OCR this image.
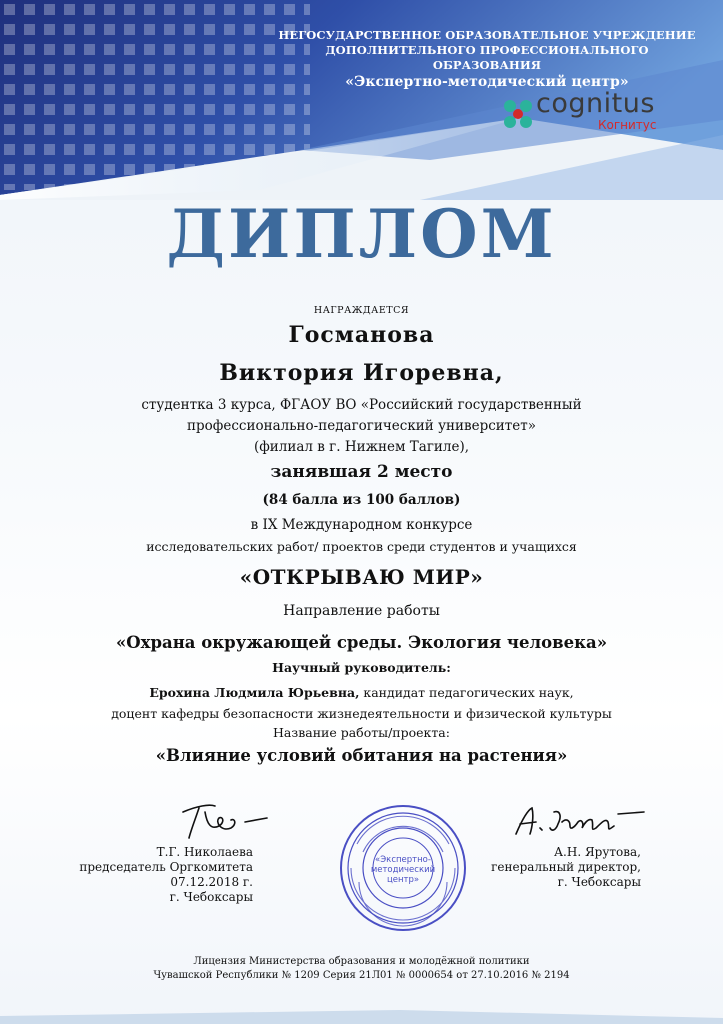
НЕГОСУДАРСТВЕННОЕ ОБРАЗОВАТЕЛЬНОЕ УЧРЕЖДЕНИЕ
ДОПОЛНИТЕЛЬНОГО ПРОФЕССИОНАЛЬНОГО ОБРАЗОВАНИЯ
«Экспертно-методический центр»
cognitus
Когнитус
ДИПЛОМ
НАГРАЖДАЕТСЯ
Госманова
Виктория Игоревна,
студентка 3 курса, ФГАОУ ВО «Российский государственный
профессионально-педагогический университет»
(филиал в г. Нижнем Тагиле),
занявшая 2 место
(84 балла из 100 баллов)
в IX Международном конкурсе
исследовательских работ/ проектов среди студентов и учащихся
«ОТКРЫВАЮ МИР»
Направление работы
«Охрана окружающей среды. Экология человека»
Научный руководитель:
Ерохина Людмила Юрьевна, кандидат педагогических наук,
доцент кафедры безопасности жизнедеятельности и физической культуры
Название работы/проекта:
«Влияние условий обитания на растения»
Т.Г. Николаева
председатель Оргкомитета
07.12.2018 г.
г. Чебоксары
«Экспертно-
методический
центр»
А.Н. Ярутова,
генеральный директор,
г. Чебоксары
Лицензия Министерства образования и молодёжной политики
Чувашской Республики № 1209 Серия 21Л01 № 0000654 от 27.10.2016 № 2194
